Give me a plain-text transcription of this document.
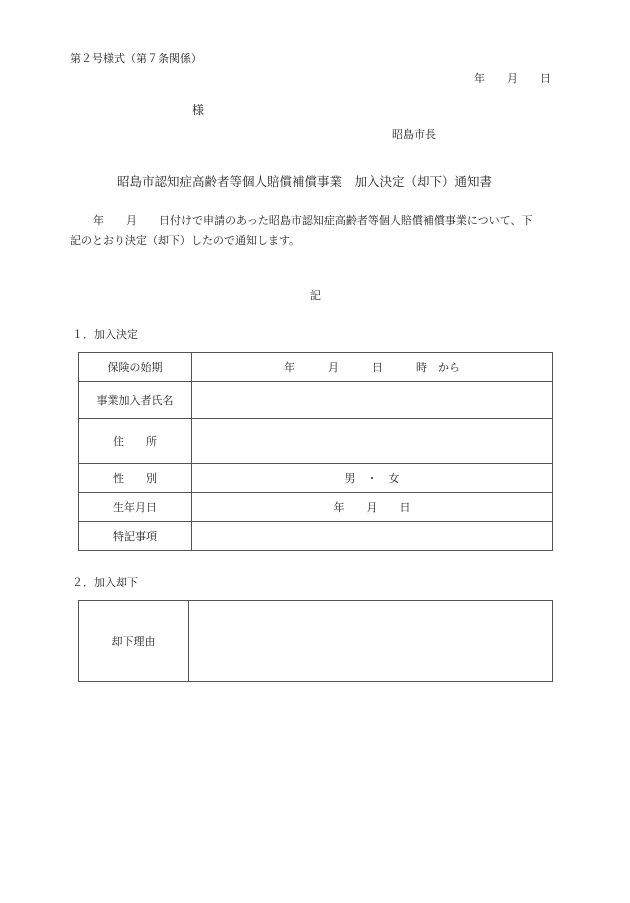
第２号様式（第７条関係）
年　　月　　日
様
昭島市長
昭島市認知症高齢者等個人賠償補償事業　加入決定（却下）通知書
年　　月　　日付けで申請のあった昭島市認知症高齢者等個人賠償補償事業について、下
記のとおり決定（却下）したので通知します。
記
１．加入決定
保険の始期	年　　　月　　　日　　　時　から
事業加入者氏名	
住　　所	
性　　別	男　・　女
生年月日	年　　月　　日
特記事項	
２．加入却下
却下理由	
